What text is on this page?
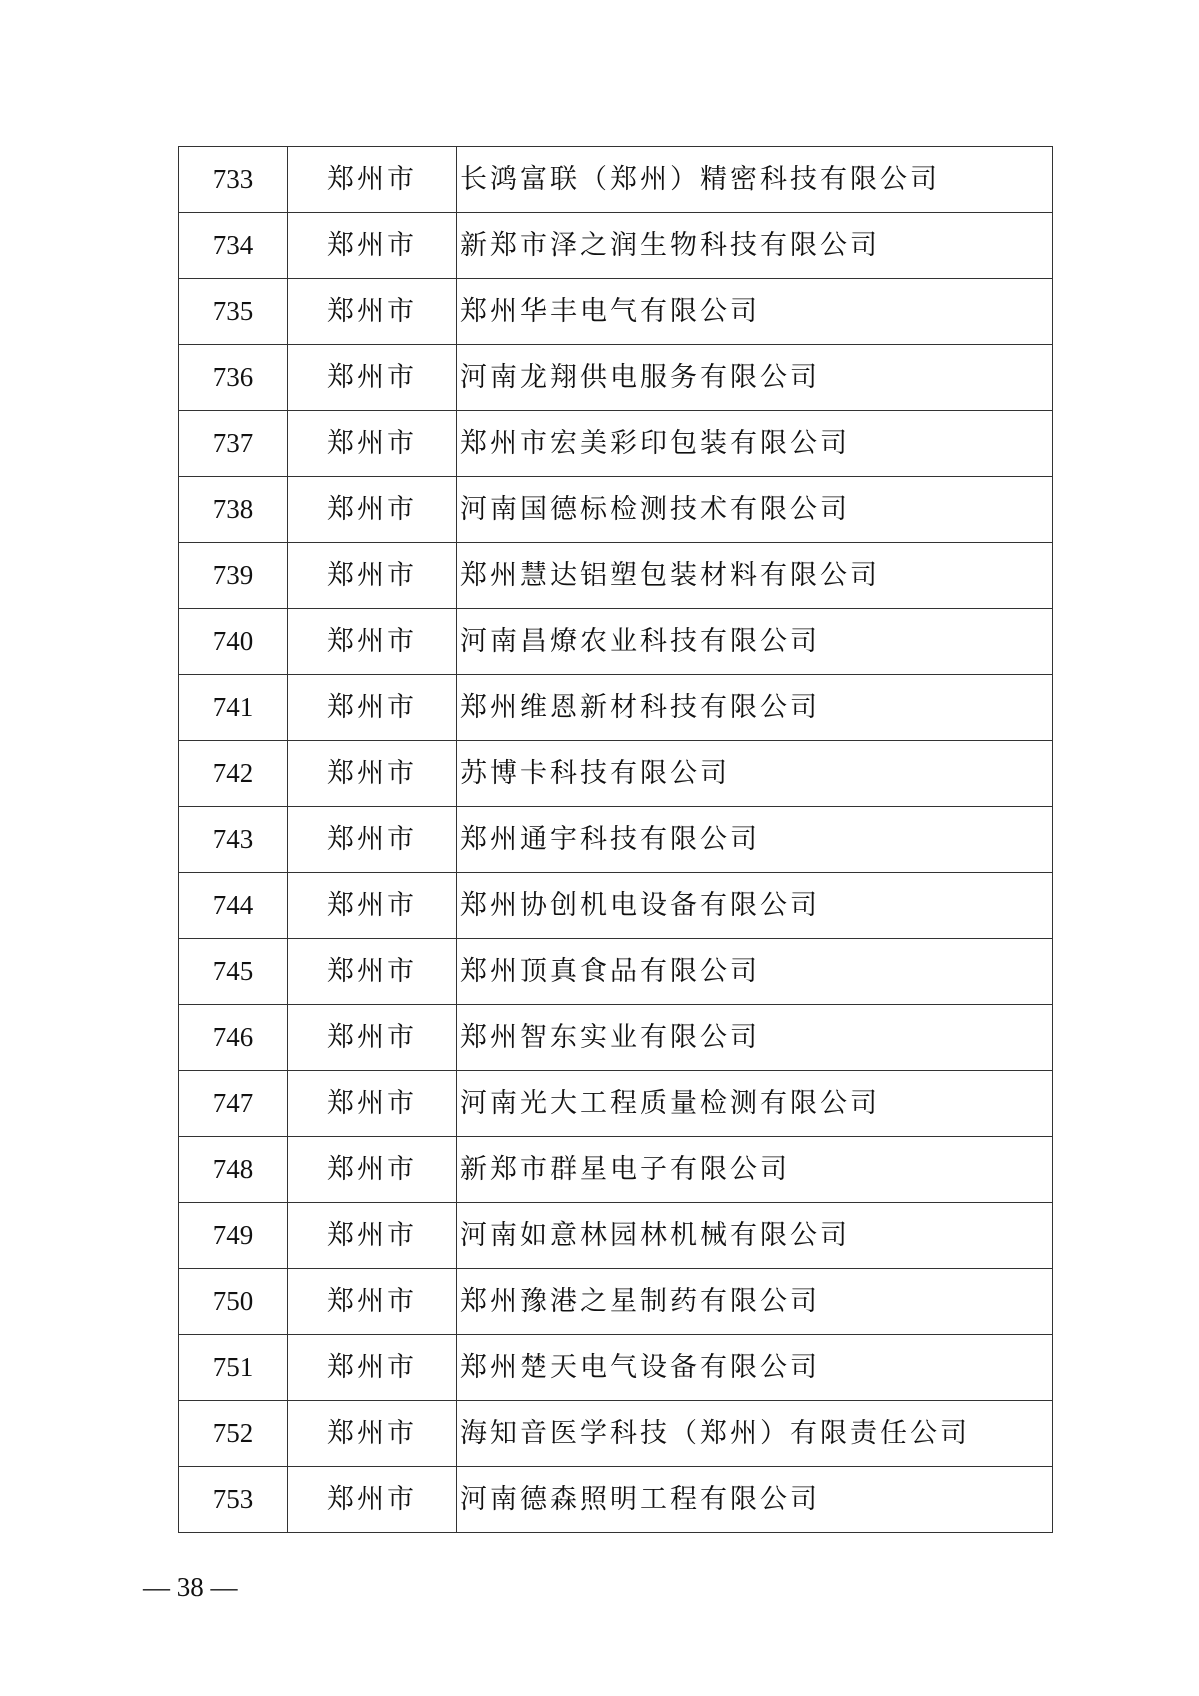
733	郑州市	长鸿富联（郑州）精密科技有限公司
734	郑州市	新郑市泽之润生物科技有限公司
735	郑州市	郑州华丰电气有限公司
736	郑州市	河南龙翔供电服务有限公司
737	郑州市	郑州市宏美彩印包装有限公司
738	郑州市	河南国德标检测技术有限公司
739	郑州市	郑州慧达铝塑包装材料有限公司
740	郑州市	河南昌燎农业科技有限公司
741	郑州市	郑州维恩新材科技有限公司
742	郑州市	苏博卡科技有限公司
743	郑州市	郑州通宇科技有限公司
744	郑州市	郑州协创机电设备有限公司
745	郑州市	郑州顶真食品有限公司
746	郑州市	郑州智东实业有限公司
747	郑州市	河南光大工程质量检测有限公司
748	郑州市	新郑市群星电子有限公司
749	郑州市	河南如意林园林机械有限公司
750	郑州市	郑州豫港之星制药有限公司
751	郑州市	郑州楚天电气设备有限公司
752	郑州市	海知音医学科技（郑州）有限责任公司
753	郑州市	河南德森照明工程有限公司
— 38 —
